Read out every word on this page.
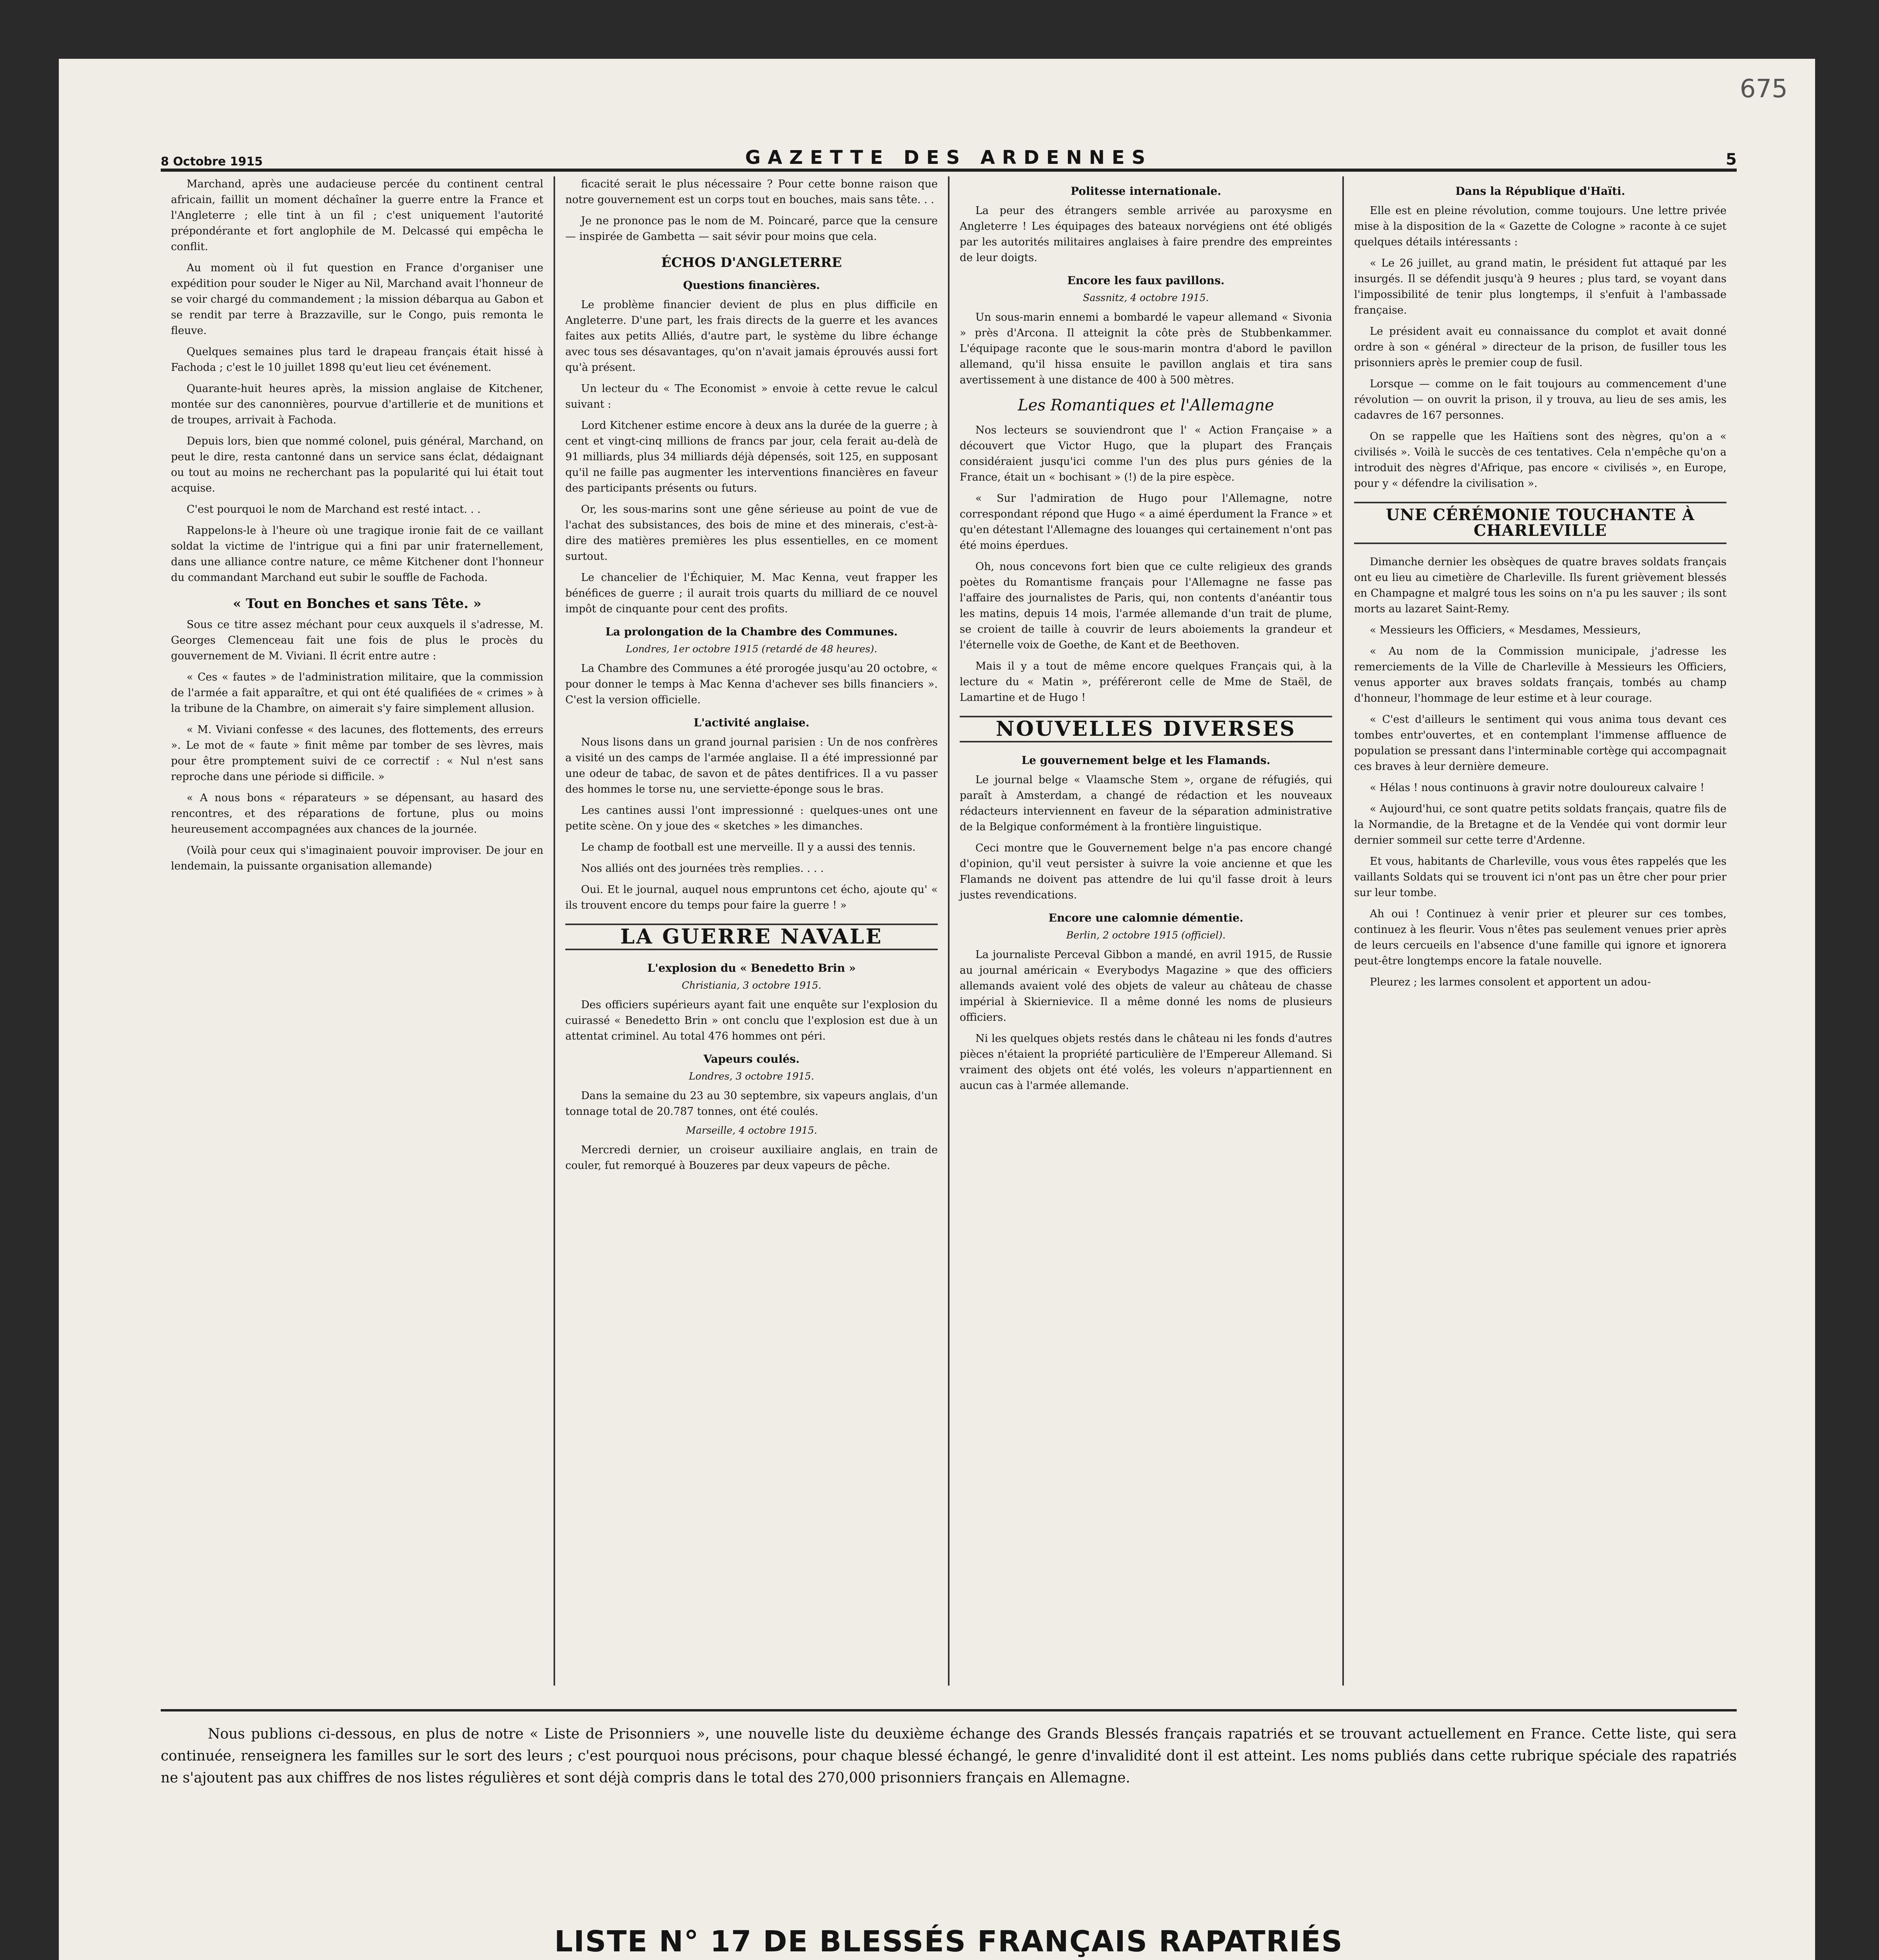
675
8 Octobre 1915	GAZETTE DES ARDENNES	5

Marchand, après une audacieuse percée du continent central africain, faillit un moment déchaîner la guerre entre la France et l'Angleterre ; elle tint à un fil ; c'est uniquement l'autorité prépondérante et fort anglophile de M. Delcassé qui empêcha le conflit.

Au moment où il fut question en France d'organiser une expédition pour souder le Niger au Nil, Marchand avait l'honneur de se voir chargé du commandement ; la mission débarqua au Gabon et se rendit par terre à Brazzaville, sur le Congo, puis remonta le fleuve.

Quelques semaines plus tard le drapeau français était hissé à Fachoda ; c'est le 10 juillet 1898 qu'eut lieu cet événement.

Quarante-huit heures après, la mission anglaise de Kitchener, montée sur des canonnières, pourvue d'artillerie et de munitions et de troupes, arrivait à Fachoda.

Depuis lors, bien que nommé colonel, puis général, Marchand, on peut le dire, resta cantonné dans un service sans éclat, dédaignant ou tout au moins ne recherchant pas la popularité qui lui était tout acquise.

C'est pourquoi le nom de Marchand est resté intact. . .

Rappelons-le à l'heure où une tragique ironie fait de ce vaillant soldat la victime de l'intrigue qui a fini par unir fraternellement, dans une alliance contre nature, ce même Kitchener dont l'honneur du commandant Marchand eut subir le souffle de Fachoda.

« Tout en Bonches et sans Tête. »

Sous ce titre assez méchant pour ceux auxquels il s'adresse, M. Georges Clemenceau fait une fois de plus le procès du gouvernement de M. Viviani. Il écrit entre autre :

« Ces « fautes » de l'administration militaire, que la commission de l'armée a fait apparaître, et qui ont été qualifiées de « crimes » à la tribune de la Chambre, on aimerait s'y faire simplement allusion.

« M. Viviani confesse « des lacunes, des flottements, des erreurs ». Le mot de « faute » finit même par tomber de ses lèvres, mais pour être promptement suivi de ce correctif : « Nul n'est sans reproche dans une période si difficile. »

« A nous bons « réparateurs » se dépensant, au hasard des rencontres, et des réparations de fortune, plus ou moins heureusement accompagnées aux chances de la journée.

(Voilà pour ceux qui s'imaginaient pouvoir improviser. De jour en lendemain, la puissante organisation allemande)

ficacité serait le plus nécessaire ? Pour cette bonne raison que notre gouvernement est un corps tout en bouches, mais sans tête. . .

Je ne prononce pas le nom de M. Poincaré, parce que la censure — inspirée de Gambetta — sait sévir pour moins que cela.

ÉCHOS D'ANGLETERRE
Questions financières.

Le problème financier devient de plus en plus difficile en Angleterre. D'une part, les frais directs de la guerre et les avances faites aux petits Alliés, d'autre part, le système du libre échange avec tous ses désavantages, qu'on n'avait jamais éprouvés aussi fort qu'à présent.

Un lecteur du « The Economist » envoie à cette revue le calcul suivant :

Lord Kitchener estime encore à deux ans la durée de la guerre ; à cent et vingt-cinq millions de francs par jour, cela ferait au-delà de 91 milliards, plus 34 milliards déjà dépensés, soit 125, en supposant qu'il ne faille pas augmenter les interventions financières en faveur des participants présents ou futurs.

Or, les sous-marins sont une gêne sérieuse au point de vue de l'achat des subsistances, des bois de mine et des minerais, c'est-à-dire des matières premières les plus essentielles, en ce moment surtout.

Le chancelier de l'Échiquier, M. Mac Kenna, veut frapper les bénéfices de guerre ; il aurait trois quarts du milliard de ce nouvel impôt de cinquante pour cent des profits.

La prolongation de la Chambre des Communes.
Londres, 1er octobre 1915 (retardé de 48 heures).

La Chambre des Communes a été prorogée jusqu'au 20 octobre, « pour donner le temps à Mac Kenna d'achever ses bills financiers ». C'est la version officielle.

L'activité anglaise.

Nous lisons dans un grand journal parisien : Un de nos confrères a visité un des camps de l'armée anglaise. Il a été impressionné par une odeur de tabac, de savon et de pâtes dentifrices. Il a vu passer des hommes le torse nu, une serviette-éponge sous le bras.

Les cantines aussi l'ont impressionné : quelques-unes ont une petite scène. On y joue des « sketches » les dimanches.

Le champ de football est une merveille. Il y a aussi des tennis.

Nos alliés ont des journées très remplies. . . .

Oui. Et le journal, auquel nous empruntons cet écho, ajoute qu' « ils trouvent encore du temps pour faire la guerre ! »

LA GUERRE NAVALE
L'explosion du « Benedetto Brin »
Christiania, 3 octobre 1915.

Des officiers supérieurs ayant fait une enquête sur l'explosion du cuirassé « Benedetto Brin » ont conclu que l'explosion est due à un attentat criminel. Au total 476 hommes ont péri.

Vapeurs coulés.
Londres, 3 octobre 1915.

Dans la semaine du 23 au 30 septembre, six vapeurs anglais, d'un tonnage total de 20.787 tonnes, ont été coulés.

Marseille, 4 octobre 1915.

Mercredi dernier, un croiseur auxiliaire anglais, en train de couler, fut remorqué à Bouzeres par deux vapeurs de pêche.

Politesse internationale.

La peur des étrangers semble arrivée au paroxysme en Angleterre ! Les équipages des bateaux norvégiens ont été obligés par les autorités militaires anglaises à faire prendre des empreintes de leur doigts.

Encore les faux pavillons.
Sassnitz, 4 octobre 1915.

Un sous-marin ennemi a bombardé le vapeur allemand « Sivonia » près d'Arcona. Il atteignit la côte près de Stubbenkammer. L'équipage raconte que le sous-marin montra d'abord le pavillon allemand, qu'il hissa ensuite le pavillon anglais et tira sans avertissement à une distance de 400 à 500 mètres.

Les Romantiques et l'Allemagne

Nos lecteurs se souviendront que l' « Action Française » a découvert que Victor Hugo, que la plupart des Français considéraient jusqu'ici comme l'un des plus purs génies de la France, était un « bochisant » (!) de la pire espèce.

« Sur l'admiration de Hugo pour l'Allemagne, notre correspondant répond que Hugo « a aimé éperdument la France » et qu'en détestant l'Allemagne des louanges qui certainement n'ont pas été moins éperdues.

Oh, nous concevons fort bien que ce culte religieux des grands poètes du Romantisme français pour l'Allemagne ne fasse pas l'affaire des journalistes de Paris, qui, non contents d'anéantir tous les matins, depuis 14 mois, l'armée allemande d'un trait de plume, se croient de taille à couvrir de leurs aboiements la grandeur et l'éternelle voix de Goethe, de Kant et de Beethoven.

Mais il y a tout de même encore quelques Français qui, à la lecture du « Matin », préféreront celle de Mme de Staël, de Lamartine et de Hugo !

NOUVELLES DIVERSES
Le gouvernement belge et les Flamands.

Le journal belge « Vlaamsche Stem », organe de réfugiés, qui paraît à Amsterdam, a changé de rédaction et les nouveaux rédacteurs interviennent en faveur de la séparation administrative de la Belgique conformément à la frontière linguistique.

Ceci montre que le Gouvernement belge n'a pas encore changé d'opinion, qu'il veut persister à suivre la voie ancienne et que les Flamands ne doivent pas attendre de lui qu'il fasse droit à leurs justes revendications.

Encore une calomnie démentie.
Berlin, 2 octobre 1915 (officiel).

La journaliste Perceval Gibbon a mandé, en avril 1915, de Russie au journal américain « Everybodys Magazine » que des officiers allemands avaient volé des objets de valeur au château de chasse impérial à Skiernievice. Il a même donné les noms de plusieurs officiers.

Ni les quelques objets restés dans le château ni les fonds d'autres pièces n'étaient la propriété particulière de l'Empereur Allemand. Si vraiment des objets ont été volés, les voleurs n'appartiennent en aucun cas à l'armée allemande.

Dans la République d'Haïti.

Elle est en pleine révolution, comme toujours. Une lettre privée mise à la disposition de la « Gazette de Cologne » raconte à ce sujet quelques détails intéressants :

« Le 26 juillet, au grand matin, le président fut attaqué par les insurgés. Il se défendit jusqu'à 9 heures ; plus tard, se voyant dans l'impossibilité de tenir plus longtemps, il s'enfuit à l'ambassade française.

Le président avait eu connaissance du complot et avait donné ordre à son « général » directeur de la prison, de fusiller tous les prisonniers après le premier coup de fusil.

Lorsque — comme on le fait toujours au commencement d'une révolution — on ouvrit la prison, il y trouva, au lieu de ses amis, les cadavres de 167 personnes.

On se rappelle que les Haïtiens sont des nègres, qu'on a « civilisés ». Voilà le succès de ces tentatives. Cela n'empêche qu'on a introduit des nègres d'Afrique, pas encore « civilisés », en Europe, pour y « défendre la civilisation ».

UNE CÉRÉMONIE TOUCHANTE À CHARLEVILLE

Dimanche dernier les obsèques de quatre braves soldats français ont eu lieu au cimetière de Charleville. Ils furent grièvement blessés en Champagne et malgré tous les soins on n'a pu les sauver ; ils sont morts au lazaret Saint-Remy.

« Messieurs les Officiers, « Mesdames, Messieurs,

« Au nom de la Commission municipale, j'adresse les remerciements de la Ville de Charleville à Messieurs les Officiers, venus apporter aux braves soldats français, tombés au champ d'honneur, l'hommage de leur estime et à leur courage.

« C'est d'ailleurs le sentiment qui vous anima tous devant ces tombes entr'ouvertes, et en contemplant l'immense affluence de population se pressant dans l'interminable cortège qui accompagnait ces braves à leur dernière demeure.

« Hélas ! nous continuons à gravir notre douloureux calvaire !

« Aujourd'hui, ce sont quatre petits soldats français, quatre fils de la Normandie, de la Bretagne et de la Vendée qui vont dormir leur dernier sommeil sur cette terre d'Ardenne.

Et vous, habitants de Charleville, vous vous êtes rappelés que les vaillants Soldats qui se trouvent ici n'ont pas un être cher pour prier sur leur tombe.

Ah oui ! Continuez à venir prier et pleurer sur ces tombes, continuez à les fleurir. Vous n'êtes pas seulement venues prier après de leurs cercueils en l'absence d'une famille qui ignore et ignorera peut-être longtemps encore la fatale nouvelle.

Pleurez ; les larmes consolent et apportent un adou-

Nous publions ci-dessous, en plus de notre « Liste de Prisonniers », une nouvelle liste du deuxième échange des Grands Blessés français rapatriés et se trouvant actuellement en France. Cette liste, qui sera continuée, renseignera les familles sur le sort des leurs ; c'est pourquoi nous précisons, pour chaque blessé échangé, le genre d'invalidité dont il est atteint. Les noms publiés dans cette rubrique spéciale des rapatriés ne s'ajoutent pas aux chiffres de nos listes régulières et sont déjà compris dans le total des 270,000 prisonniers français en Allemagne.

LISTE N° 17 DE BLESSÉS FRANÇAIS RAPATRIÉS
